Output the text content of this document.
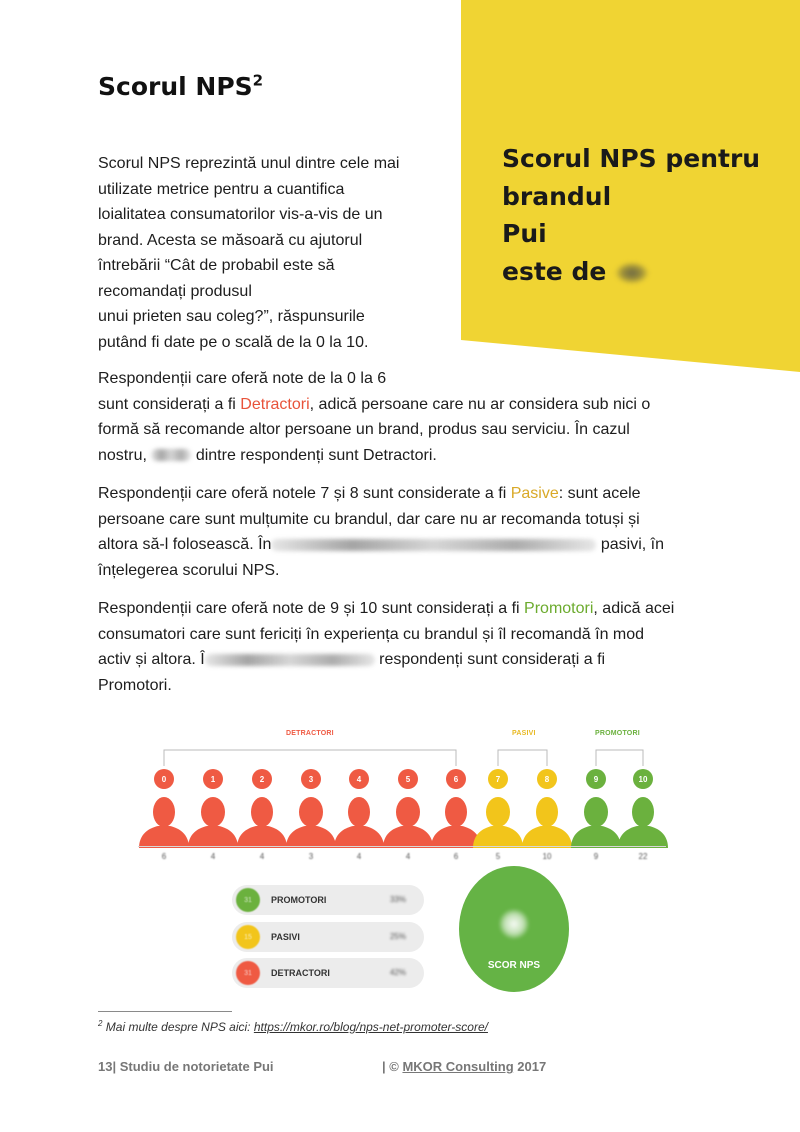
Scorul NPS pentru
brandul
Pui
este de
Scorul NPS$^2$
Scorul NPS reprezintă unul dintre cele mai
utilizate metrice pentru a cuantifica
loialitatea consumatorilor vis-a-vis de un
brand. Acesta se măsoară cu ajutorul
întrebării “Cât de probabil este să
recomandați produsul
unui prieten sau coleg?”, răspunsurile
putând fi date pe o scală de la 0 la 10.
Respondenții care oferă note de la 0 la 6
sunt considerați a fi Detractori, adică persoane care nu ar considera sub nici o
formă să recomande altor persoane un brand, produs sau serviciu. În cazul
nostru,	dintre respondenți sunt Detractori.
Respondenții care oferă notele 7 și 8 sunt considerate a fi Pasive: sunt acele
persoane care sunt mulțumite cu brandul, dar care nu ar recomanda totuși și
altora să-l folosească. În	pasivi, în
înțelegerea scorului NPS.
Respondenții care oferă note de 9 și 10 sunt considerați a fi Promotori, adică acei
consumatori care sunt fericiți în experiența cu brandul și îl recomandă în mod
activ și altora. Î	respondenți sunt considerați a fi
Promotori.
DETRACTORI	PASIVI	PROMOTORI
0
6
1
4
2
4
3
3
4
4
5
4
6
6
7
5
8
10
9
9
10
22
31	PROMOTORI	33%
15	PASIVI	25%
31	DETRACTORI	42%
SCOR NPS
$^2$ Mai multe despre NPS aici: https://mkor.ro/blog/nps-net-promoter-score/
13| Studiu de notorietate Pui	| © MKOR Consulting 2017
